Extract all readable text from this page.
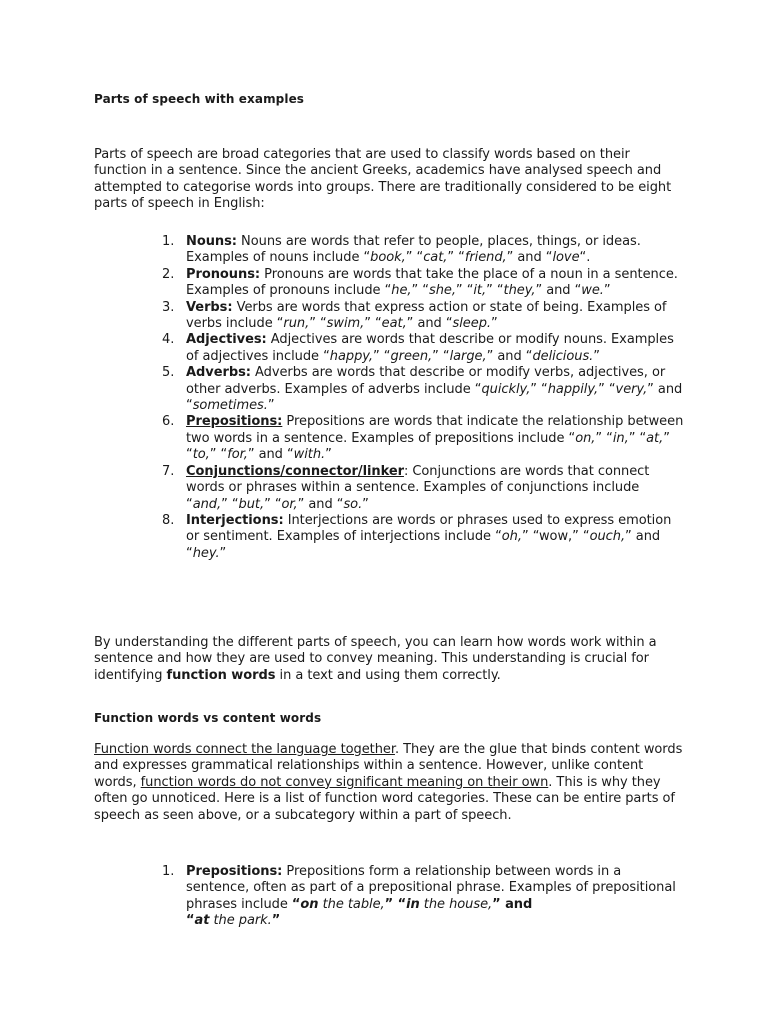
Parts of speech with examples

Parts of speech are broad categories that are used to classify words based on their function in a sentence. Since the ancient Greeks, academics have analysed speech and attempted to categorise words into groups. There are traditionally considered to be eight parts of speech in English:

1. Nouns: Nouns are words that refer to people, places, things, or ideas. Examples of nouns include “book,” “cat,” “friend,” and “love“.
2. Pronouns: Pronouns are words that take the place of a noun in a sentence. Examples of pronouns include “he,” “she,” “it,” “they,” and “we.”
3. Verbs: Verbs are words that express action or state of being. Examples of verbs include “run,” “swim,” “eat,” and “sleep.”
4. Adjectives: Adjectives are words that describe or modify nouns. Examples of adjectives include “happy,” “green,” “large,” and “delicious.”
5. Adverbs: Adverbs are words that describe or modify verbs, adjectives, or other adverbs. Examples of adverbs include “quickly,” “happily,” “very,” and “sometimes.”
6. Prepositions: Prepositions are words that indicate the relationship between two words in a sentence. Examples of prepositions include “on,” “in,” “at,” “to,” “for,” and “with.”
7. Conjunctions/connector/linker: Conjunctions are words that connect words or phrases within a sentence. Examples of conjunctions include “and,” “but,” “or,” and “so.”
8. Interjections: Interjections are words or phrases used to express emotion or sentiment. Examples of interjections include “oh,” “wow,” “ouch,” and “hey.”

By understanding the different parts of speech, you can learn how words work within a sentence and how they are used to convey meaning. This understanding is crucial for identifying function words in a text and using them correctly.

Function words vs content words

Function words connect the language together. They are the glue that binds content words and expresses grammatical relationships within a sentence. However, unlike content words, function words do not convey significant meaning on their own. This is why they often go unnoticed. Here is a list of function word categories. These can be entire parts of speech as seen above, or a subcategory within a part of speech.

1. Prepositions: Prepositions form a relationship between words in a sentence, often as part of a prepositional phrase. Examples of prepositional phrases include “on the table,” “in the house,” and
“at the park.”
